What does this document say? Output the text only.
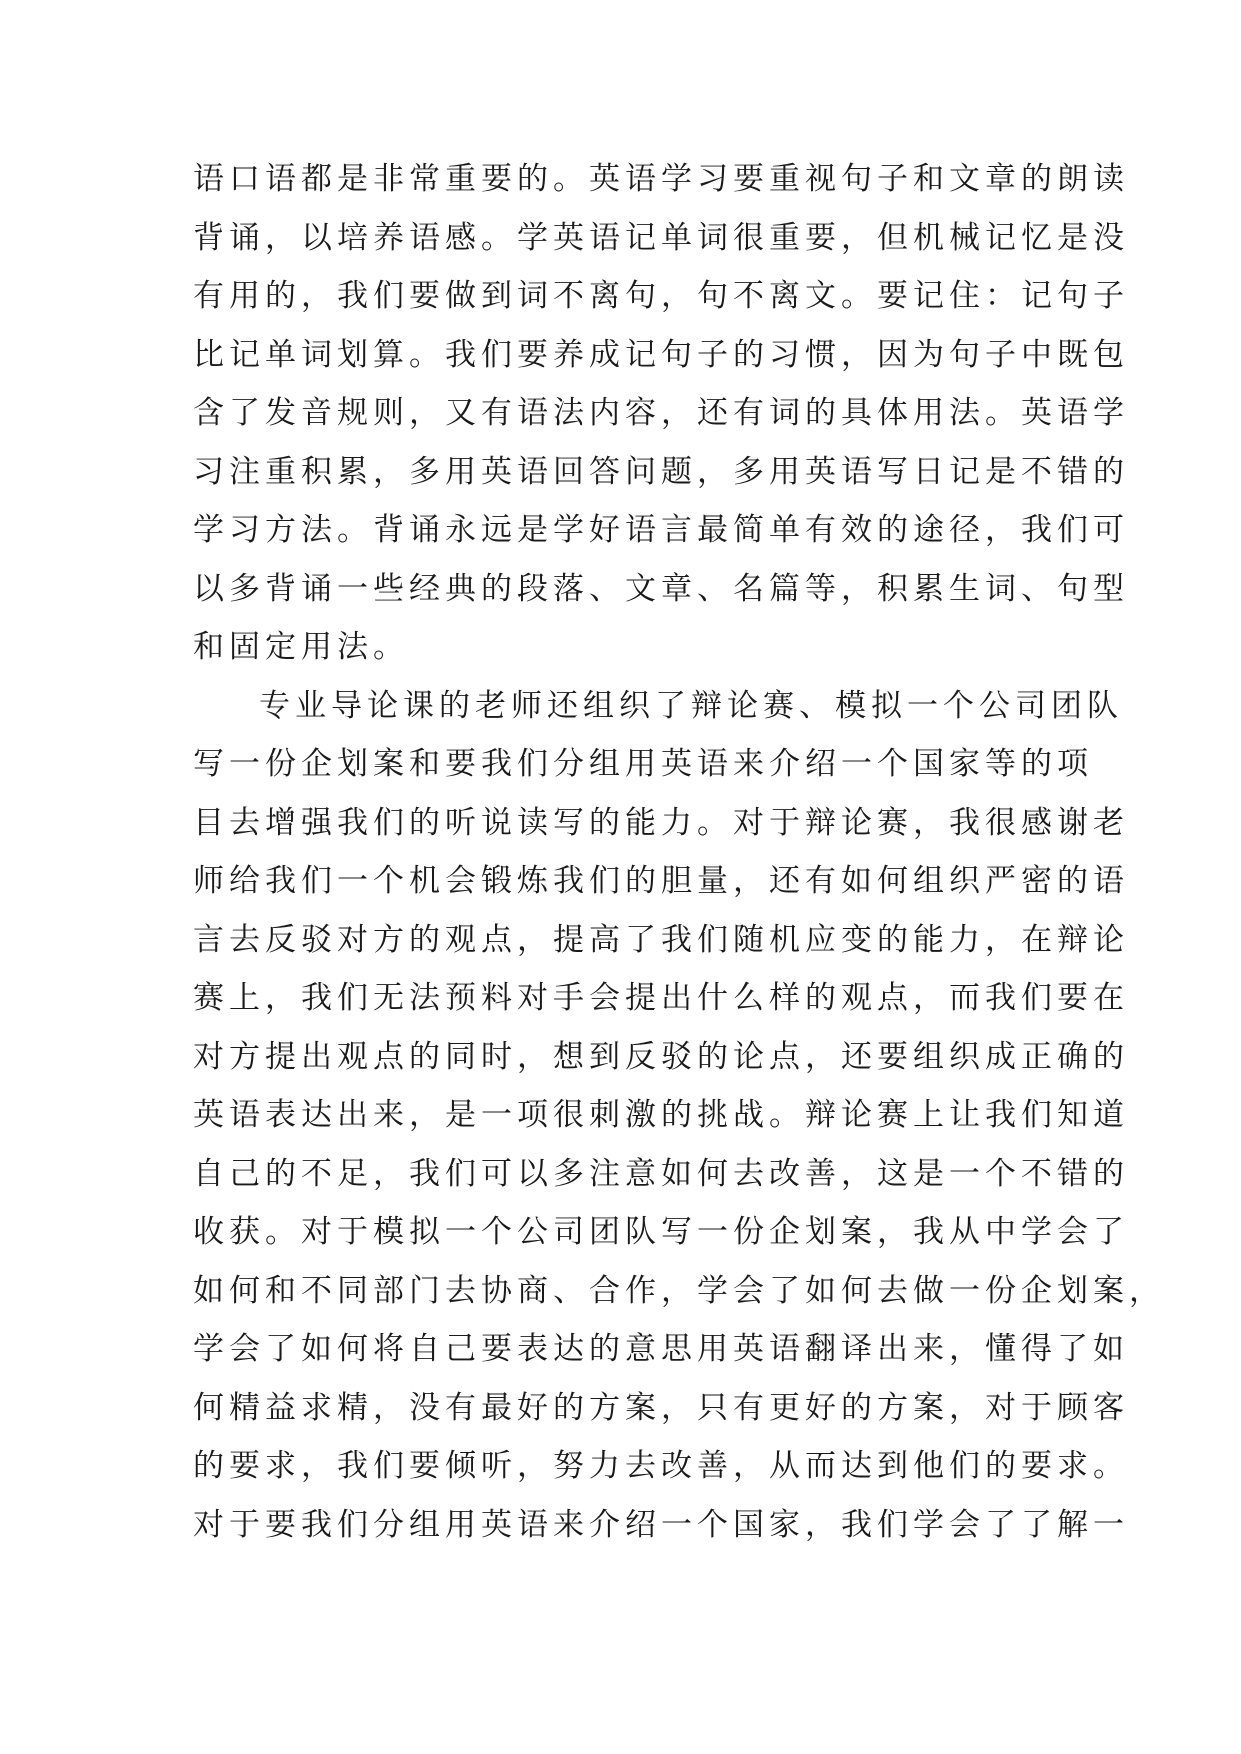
语口语都是非常重要的。英语学习要重视句子和文章的朗读
背诵，以培养语感。学英语记单词很重要，但机械记忆是没
有用的，我们要做到词不离句，句不离文。要记住：记句子
比记单词划算。我们要养成记句子的习惯，因为句子中既包
含了发音规则，又有语法内容，还有词的具体用法。英语学
习注重积累，多用英语回答问题，多用英语写日记是不错的
学习方法。背诵永远是学好语言最简单有效的途径，我们可
以多背诵一些经典的段落、文章、名篇等，积累生词、句型
和固定用法。
专业导论课的老师还组织了辩论赛、模拟一个公司团队
写一份企划案和要我们分组用英语来介绍一个国家等的项
目去增强我们的听说读写的能力。对于辩论赛，我很感谢老
师给我们一个机会锻炼我们的胆量，还有如何组织严密的语
言去反驳对方的观点，提高了我们随机应变的能力，在辩论
赛上，我们无法预料对手会提出什么样的观点，而我们要在
对方提出观点的同时，想到反驳的论点，还要组织成正确的
英语表达出来，是一项很刺激的挑战。辩论赛上让我们知道
自己的不足，我们可以多注意如何去改善，这是一个不错的
收获。对于模拟一个公司团队写一份企划案，我从中学会了
如何和不同部门去协商、合作，学会了如何去做一份企划案，
学会了如何将自己要表达的意思用英语翻译出来，懂得了如
何精益求精，没有最好的方案，只有更好的方案，对于顾客
的要求，我们要倾听，努力去改善，从而达到他们的要求。
对于要我们分组用英语来介绍一个国家，我们学会了了解一
